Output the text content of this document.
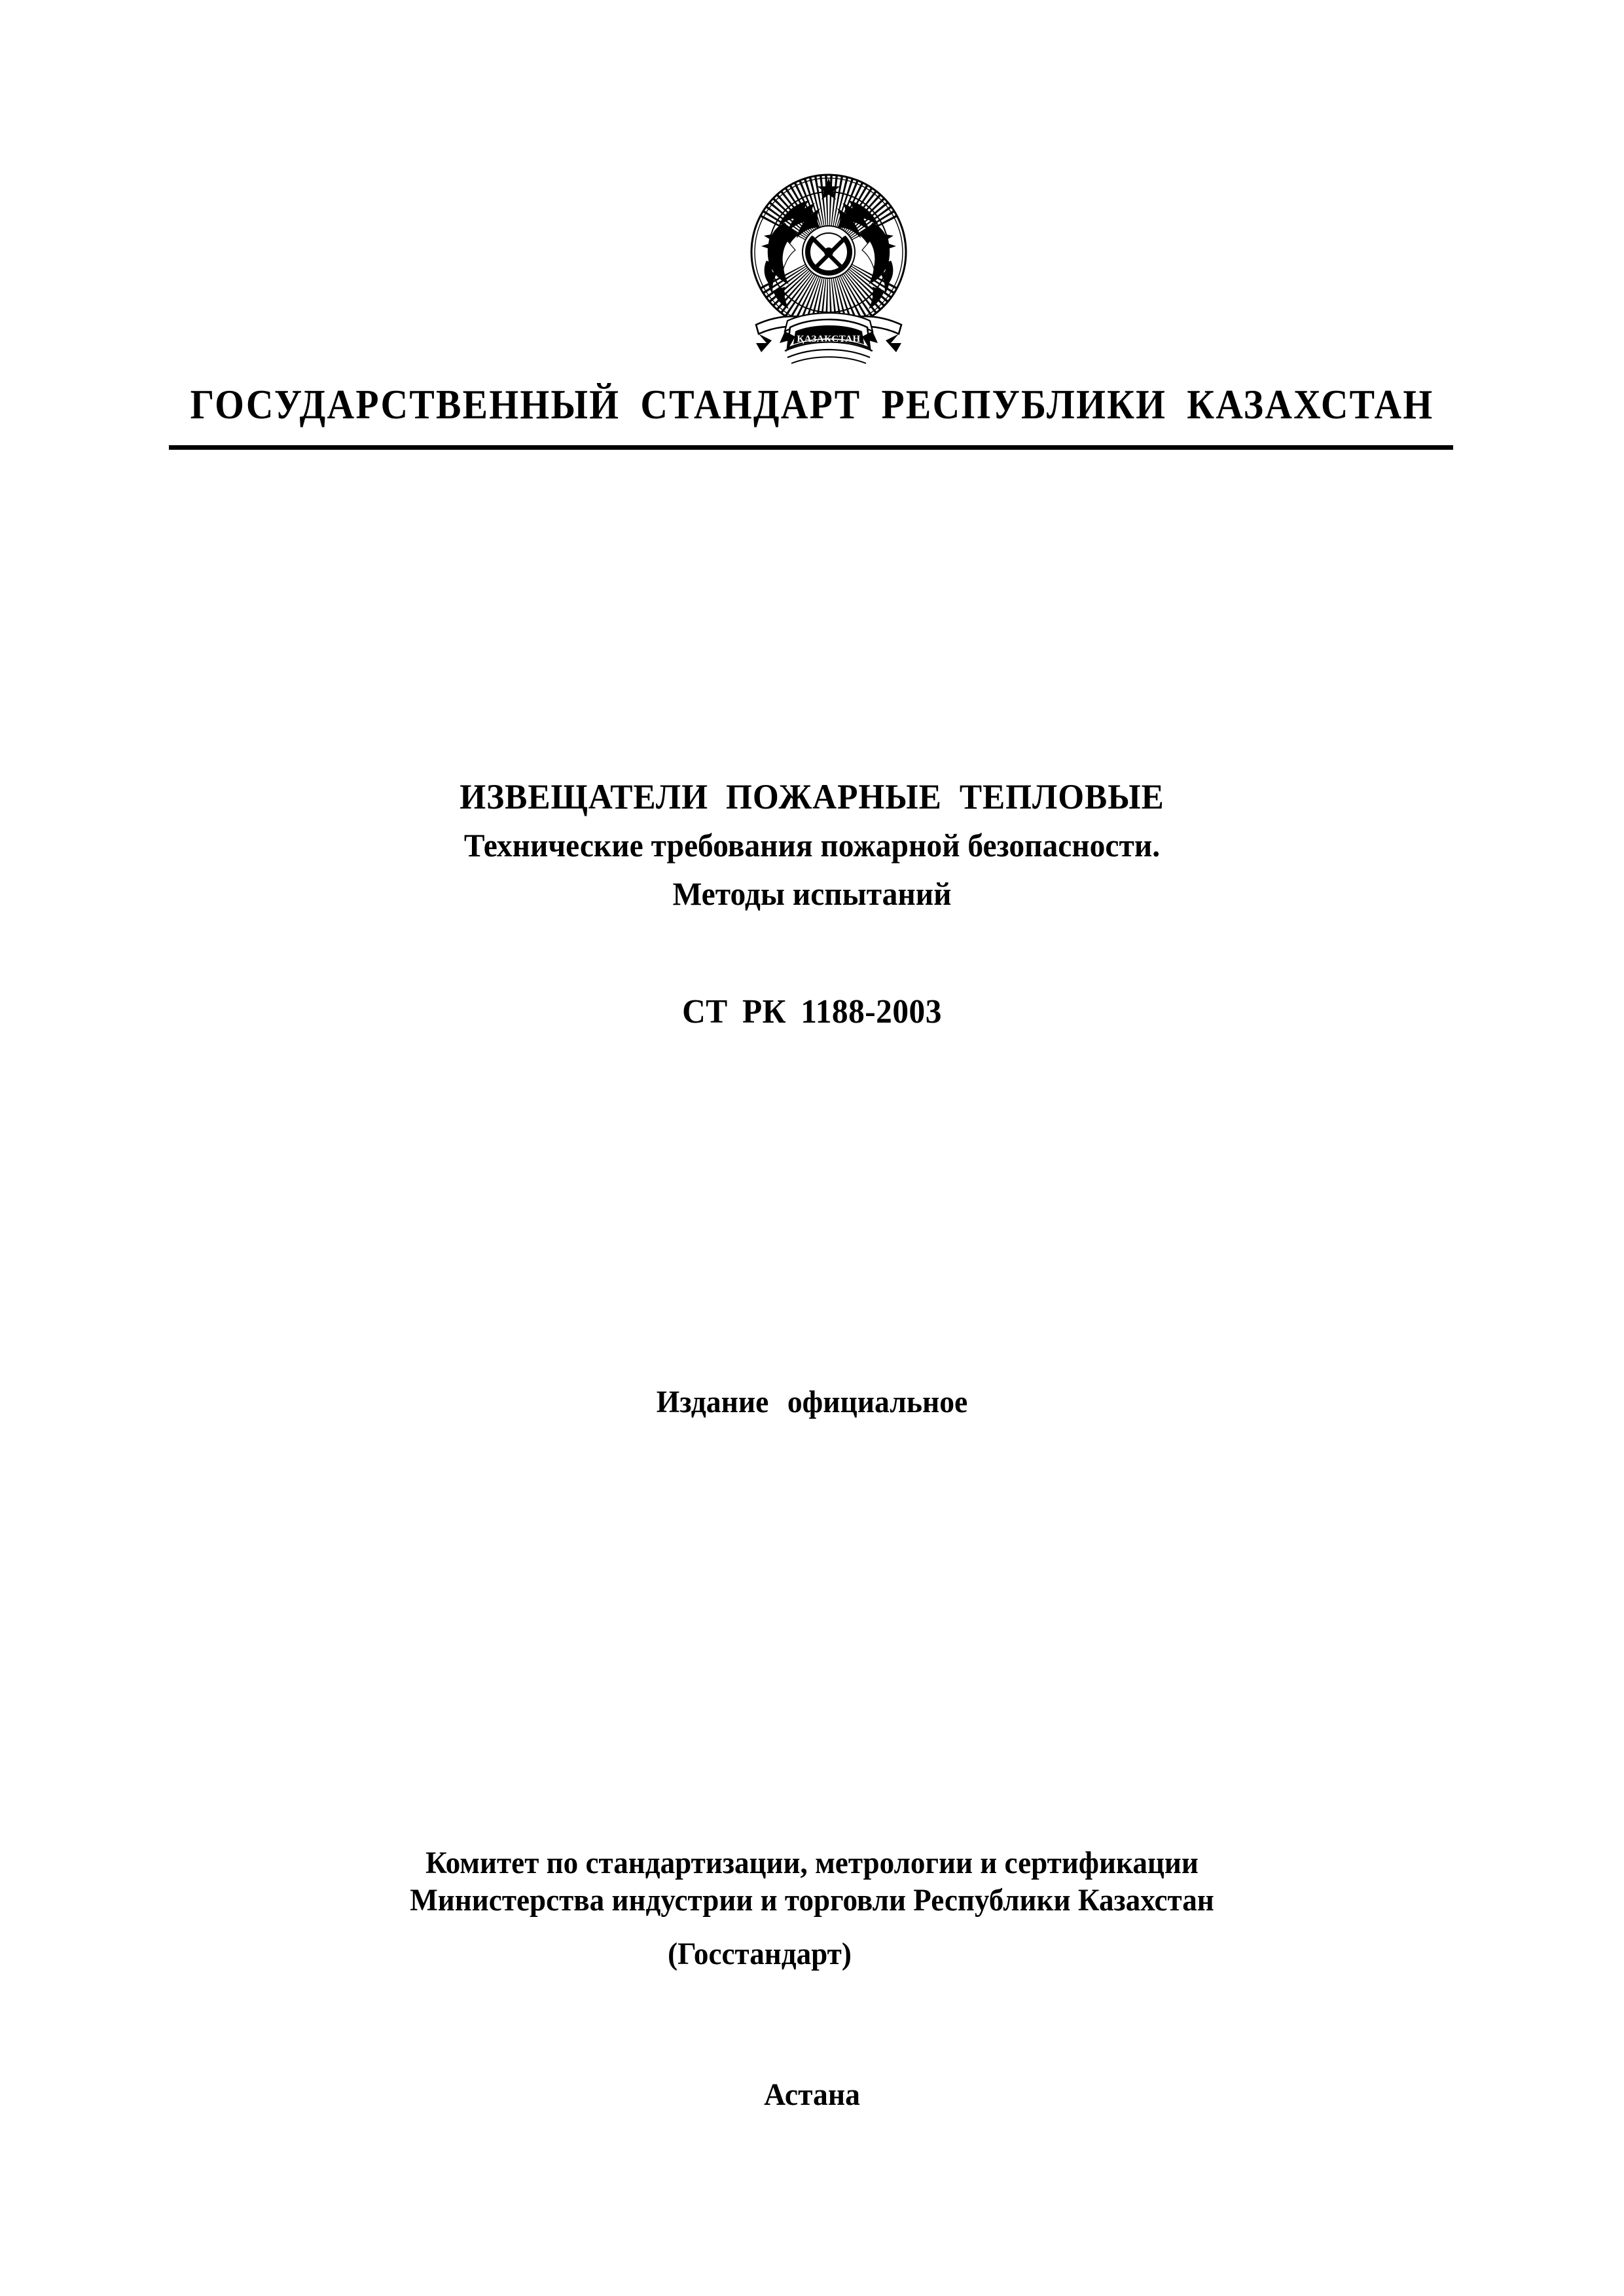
ҚАЗАҚСТАН
ГОСУДАРСТВЕННЫЙ СТАНДАРТ РЕСПУБЛИКИ КАЗАХСТАН
ИЗВЕЩАТЕЛИ ПОЖАРНЫЕ ТЕПЛОВЫЕ
Технические требования пожарной безопасности.
Методы испытаний
СТ РК 1188-2003
Издание официальное
Комитет по стандартизации, метрологии и сертификации
Министерства индустрии и торговли Республики Казахстан
(Госстандарт)
Астана
